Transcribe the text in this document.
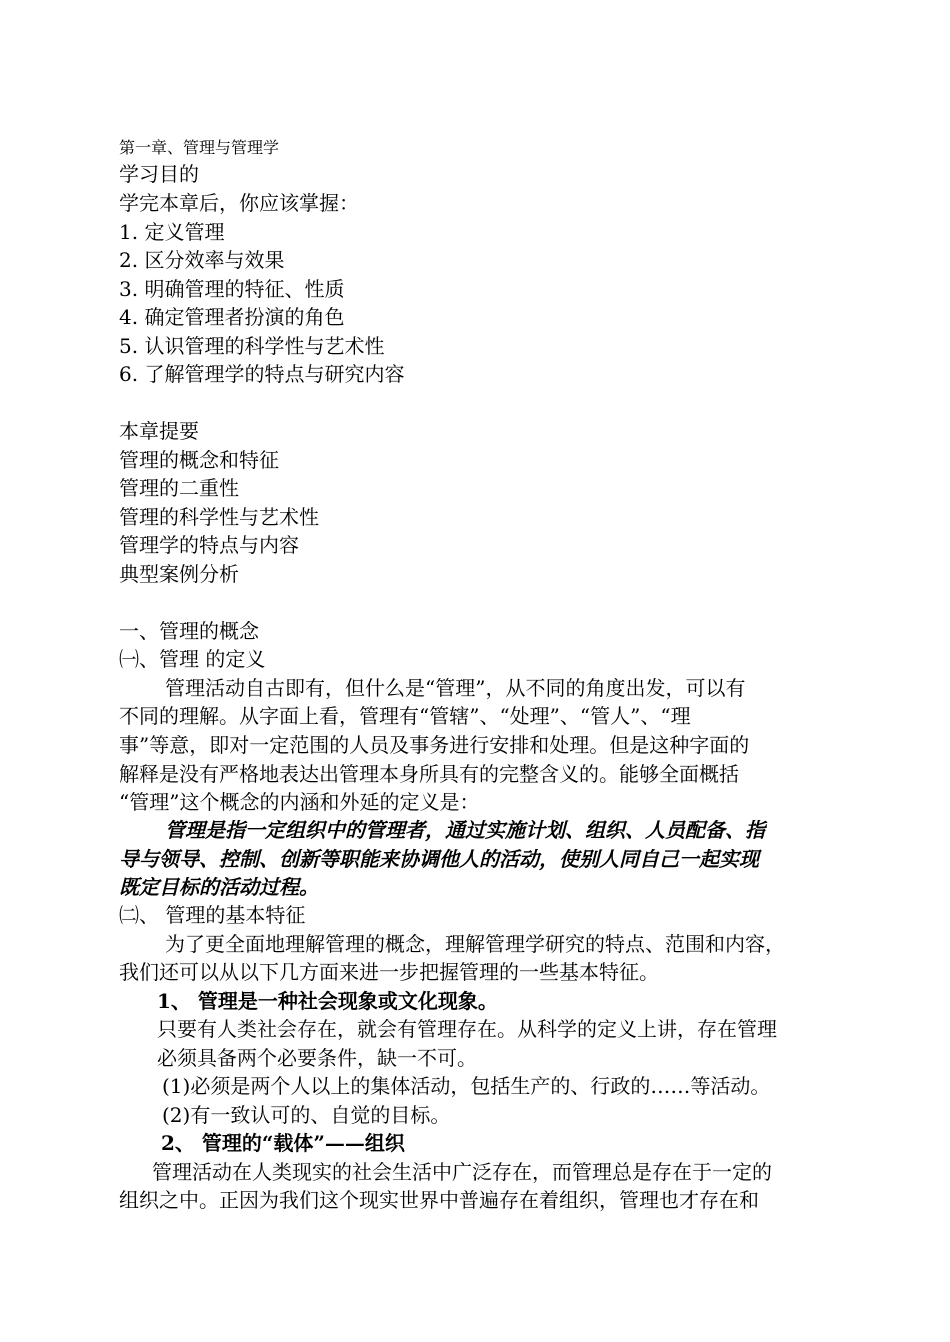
第一章、管理与管理学
学习目的
学完本章后，你应该掌握：
1. 定义管理
2. 区分效率与效果
3. 明确管理的特征、性质
4. 确定管理者扮演的角色
5. 认识管理的科学性与艺术性
6. 了解管理学的特点与研究内容
本章提要
管理的概念和特征
管理的二重性
管理的科学性与艺术性
管理学的特点与内容
典型案例分析
一、管理的概念
㈠、管理 的定义
管理活动自古即有，但什么是“管理”，从不同的角度出发，可以有
不同的理解。从字面上看，管理有“管辖”、“处理”、“管人”、“理
事”等意，即对一定范围的人员及事务进行安排和处理。但是这种字面的
解释是没有严格地表达出管理本身所具有的完整含义的。能够全面概括
“管理”这个概念的内涵和外延的定义是：
管理是指一定组织中的管理者，通过实施计划、组织、人员配备、指
导与领导、控制、创新等职能来协调他人的活动，使别人同自己一起实现
既定目标的活动过程。
㈡、 管理的基本特征
为了更全面地理解管理的概念，理解管理学研究的特点、范围和内容，
我们还可以从以下几方面来进一步把握管理的一些基本特征。
1、 管理是一种社会现象或文化现象。
只要有人类社会存在，就会有管理存在。从科学的定义上讲，存在管理
必须具备两个必要条件，缺一不可。
(1)必须是两个人以上的集体活动，包括生产的、行政的……等活动。
(2)有一致认可的、自觉的目标。
2、 管理的“载体”——组织
管理活动在人类现实的社会生活中广泛存在，而管理总是存在于一定的
组织之中。正因为我们这个现实世界中普遍存在着组织，管理也才存在和
